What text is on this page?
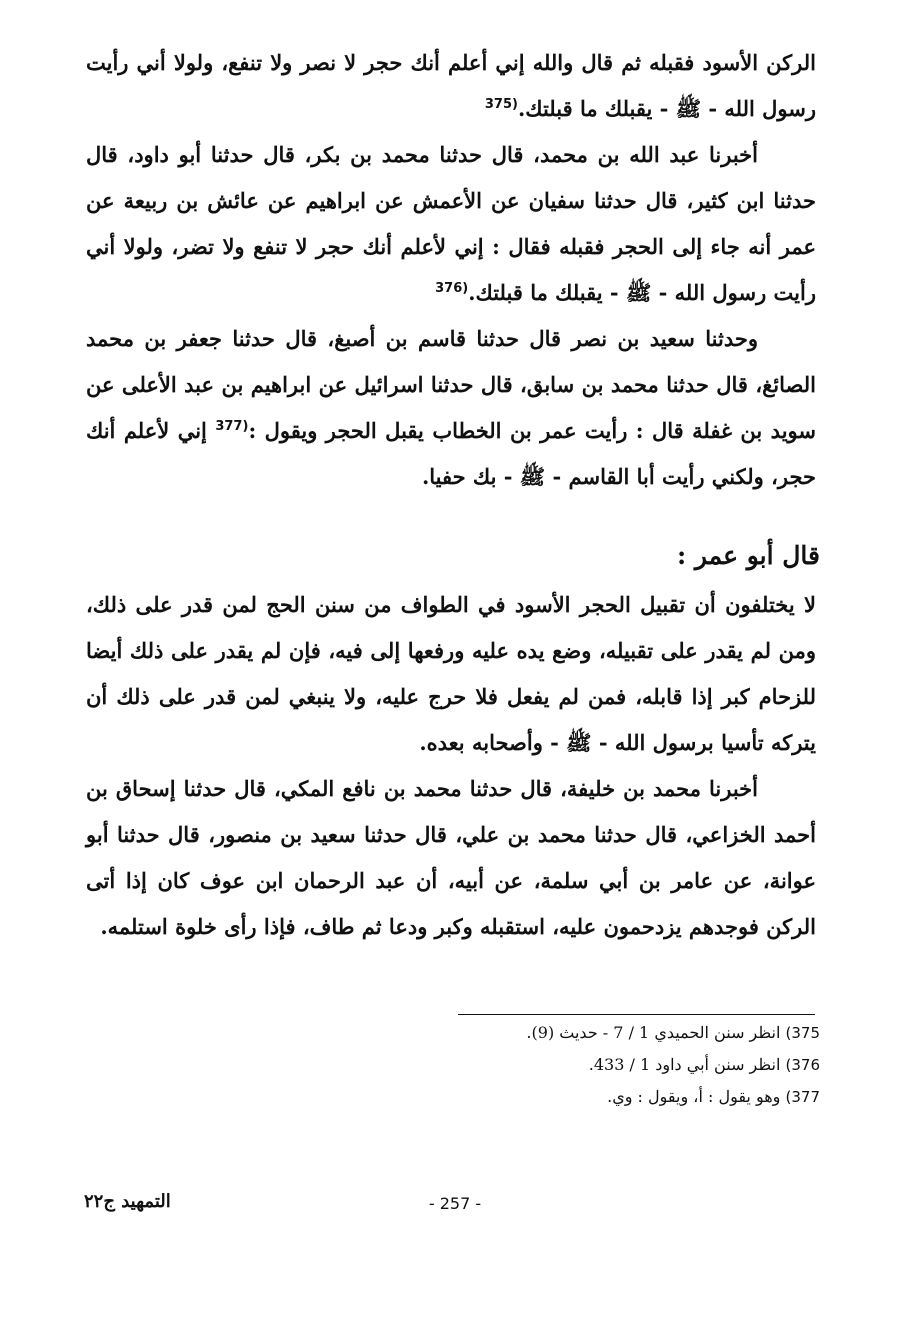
الركن الأسود فقبله ثم قال والله إني أعلم أنك حجر لا نصر ولا تنفع، ولولا أني رأيت رسول الله - ﷺ - يقبلك ما قبلتك.$^{(375}$

أخبرنا عبد الله بن محمد، قال حدثنا محمد بن بكر، قال حدثنا أبو داود، قال حدثنا ابن كثير، قال حدثنا سفيان عن الأعمش عن ابراهيم عن عائش بن ربيعة عن عمر أنه جاء إلى الحجر فقبله فقال : إني لأعلم أنك حجر لا تنفع ولا تضر، ولولا أني رأيت رسول الله - ﷺ - يقبلك ما قبلتك.$^{(376}$

وحدثنا سعيد بن نصر قال حدثنا قاسم بن أصبغ، قال حدثنا جعفر بن محمد الصائغ، قال حدثنا محمد بن سابق، قال حدثنا اسرائيل عن ابراهيم بن عبد الأعلى عن سويد بن غفلة قال : رأيت عمر بن الخطاب يقبل الحجر ويقول :$^{(377}$ إني لأعلم أنك حجر، ولكني رأيت أبا القاسم - ﷺ - بك حفيا.

قال أبو عمر :

لا يختلفون أن تقبيل الحجر الأسود في الطواف من سنن الحج لمن قدر على ذلك، ومن لم يقدر على تقبيله، وضع يده عليه ورفعها إلى فيه، فإن لم يقدر على ذلك أيضا للزحام كبر إذا قابله، فمن لم يفعل فلا حرج عليه، ولا ينبغي لمن قدر على ذلك أن يتركه تأسيا برسول الله - ﷺ - وأصحابه بعده.

أخبرنا محمد بن خليفة، قال حدثنا محمد بن نافع المكي، قال حدثنا إسحاق بن أحمد الخزاعي، قال حدثنا محمد بن علي، قال حدثنا سعيد بن منصور، قال حدثنا أبو عوانة، عن عامر بن أبي سلمة، عن أبيه، أن عبد الرحمان ابن عوف كان إذا أتى الركن فوجدهم يزدحمون عليه، استقبله وكبر ودعا ثم طاف، فإذا رأى خلوة استلمه.

375) انظر سنن الحميدي 1 / 7 - حديث (9).
376) انظر سنن أبي داود 1 / 433.
377) وهو يقول : أ، ويقول : وي.
- 257 -
التمهيد ج٢٢
